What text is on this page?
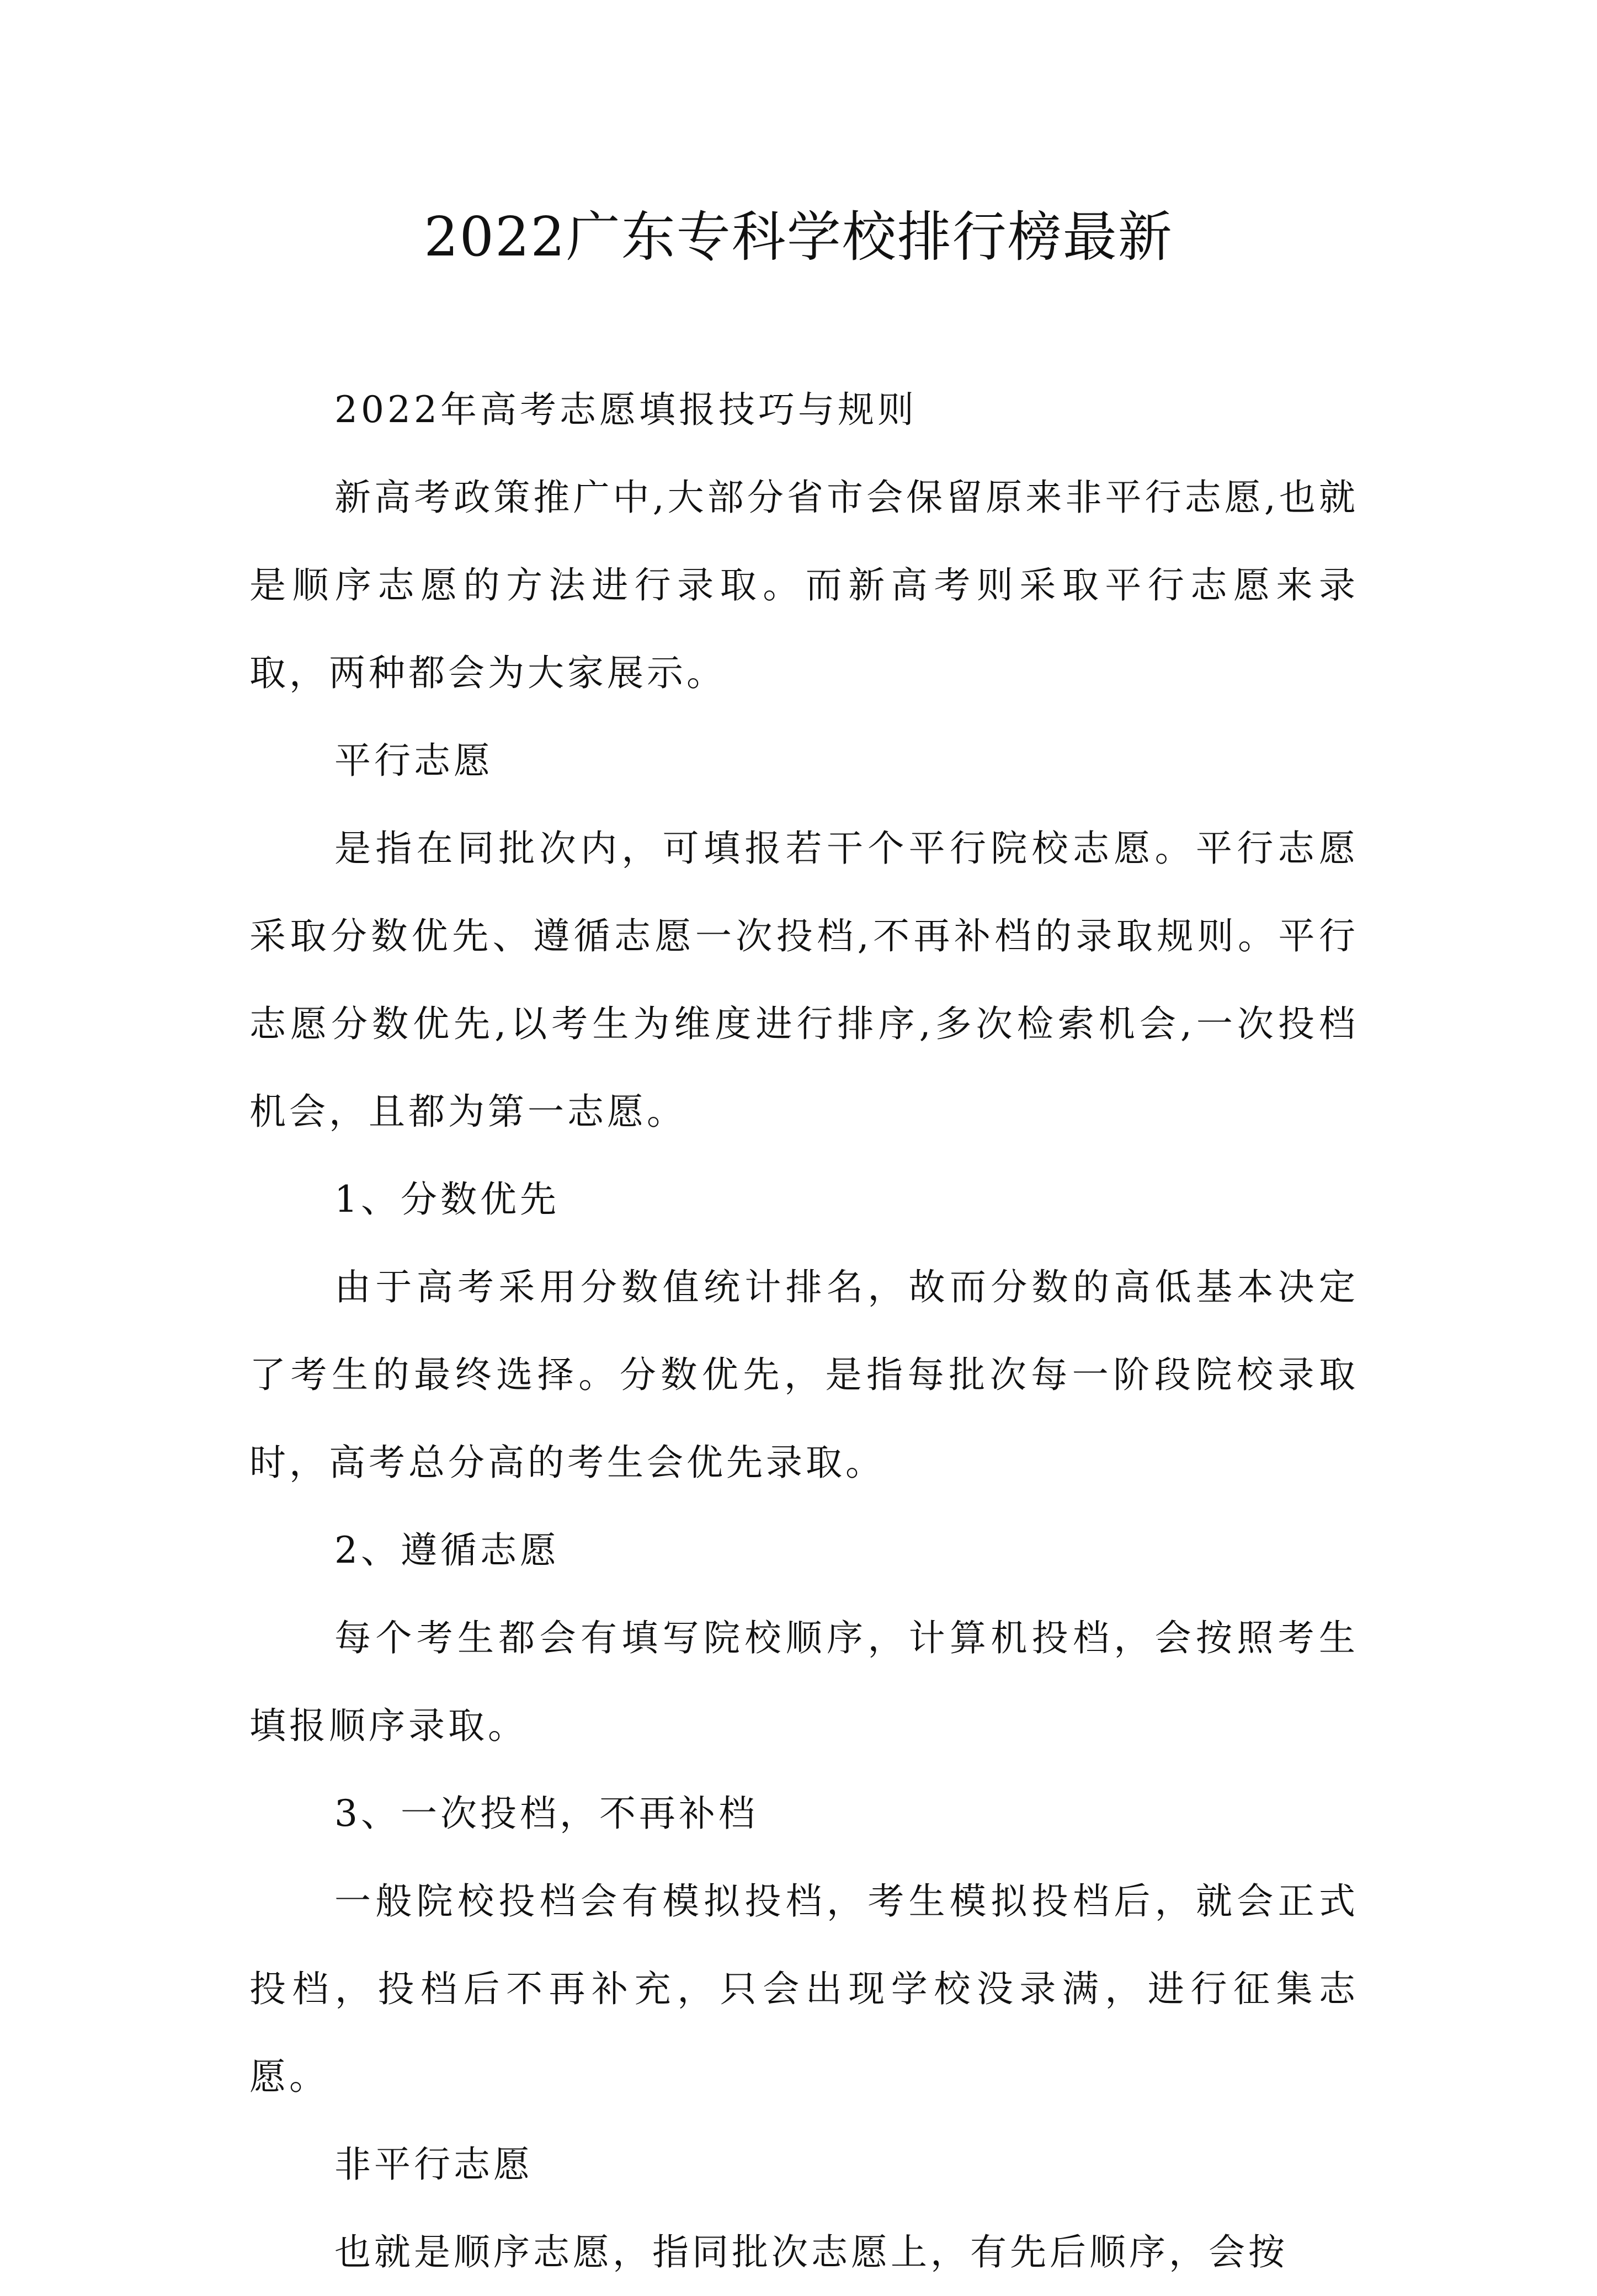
2022广东专科学校排行榜最新

2022年高考志愿填报技巧与规则

新高考政策推广中,大部分省市会保留原来非平行志愿,也就是顺序志愿的方法进行录取。而新高考则采取平行志愿来录取，两种都会为大家展示。

平行志愿

是指在同批次内，可填报若干个平行院校志愿。平行志愿采取分数优先、遵循志愿一次投档,不再补档的录取规则。平行志愿分数优先,以考生为维度进行排序,多次检索机会,一次投档机会，且都为第一志愿。

1、分数优先

由于高考采用分数值统计排名，故而分数的高低基本决定了考生的最终选择。分数优先，是指每批次每一阶段院校录取时，高考总分高的考生会优先录取。

2、遵循志愿

每个考生都会有填写院校顺序，计算机投档，会按照考生填报顺序录取。

3、一次投档，不再补档

一般院校投档会有模拟投档，考生模拟投档后，就会正式投档，投档后不再补充，只会出现学校没录满，进行征集志愿。

非平行志愿

也就是顺序志愿，指同批次志愿上，有先后顺序，会按
